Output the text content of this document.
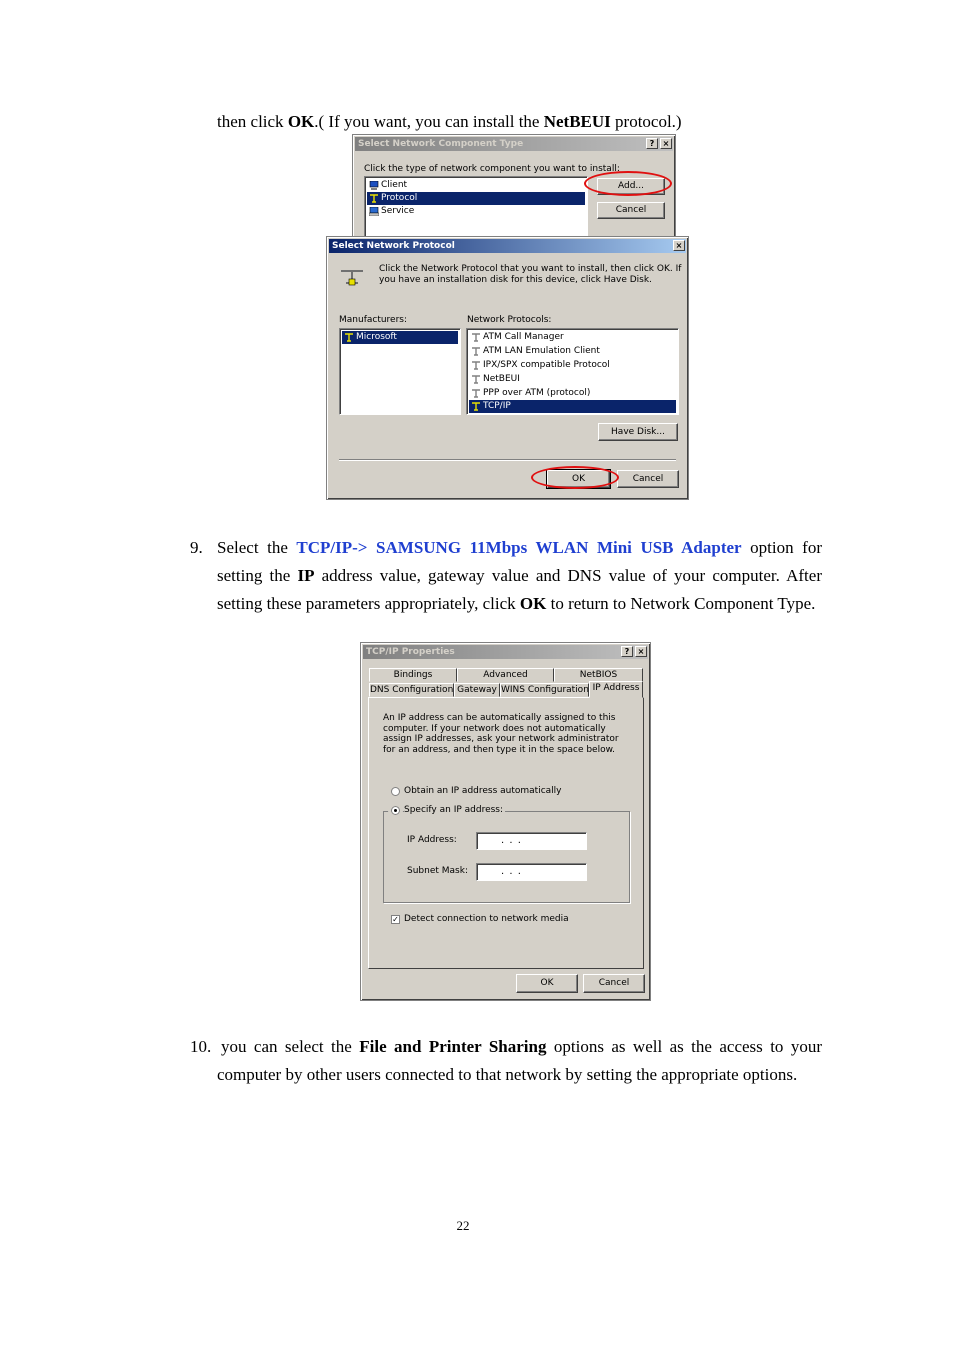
then click OK.( If you want, you can install the NetBEUI protocol.)
Select Network Component Type	?	×
Click the type of network component you want to install:
Client
Protocol
Service
Add...
Cancel
Select Network Protocol	×
Click the Network Protocol that you want to install, then click OK. If you have an installation disk for this device, click Have Disk.
Manufacturers:
Microsoft
Network Protocols:
ATM Call Manager
ATM LAN Emulation Client
IPX/SPX compatible Protocol
NetBEUI
PPP over ATM (protocol)
TCP/IP
Have Disk...
OK	Cancel
9. Select the TCP/IP-> SAMSUNG 11Mbps WLAN Mini USB Adapter option for setting the IP address value, gateway value and DNS value of your computer. After setting these parameters appropriately, click OK to return to Network Component Type.
TCP/IP Properties	?	×
Bindings	Advanced	NetBIOS
DNS Configuration Gateway WINS Configuration IP Address
An IP address can be automatically assigned to this computer. If your network does not automatically assign IP addresses, ask your network administrator for an address, and then type it in the space below.
Obtain an IP address automatically
Specify an IP address:
IP Address:	. . .
Subnet Mask:	. . .
✓ Detect connection to network media
OK	Cancel
10. you can select the File and Printer Sharing options as well as the access to your computer by other users connected to that network by setting the appropriate options.
22
